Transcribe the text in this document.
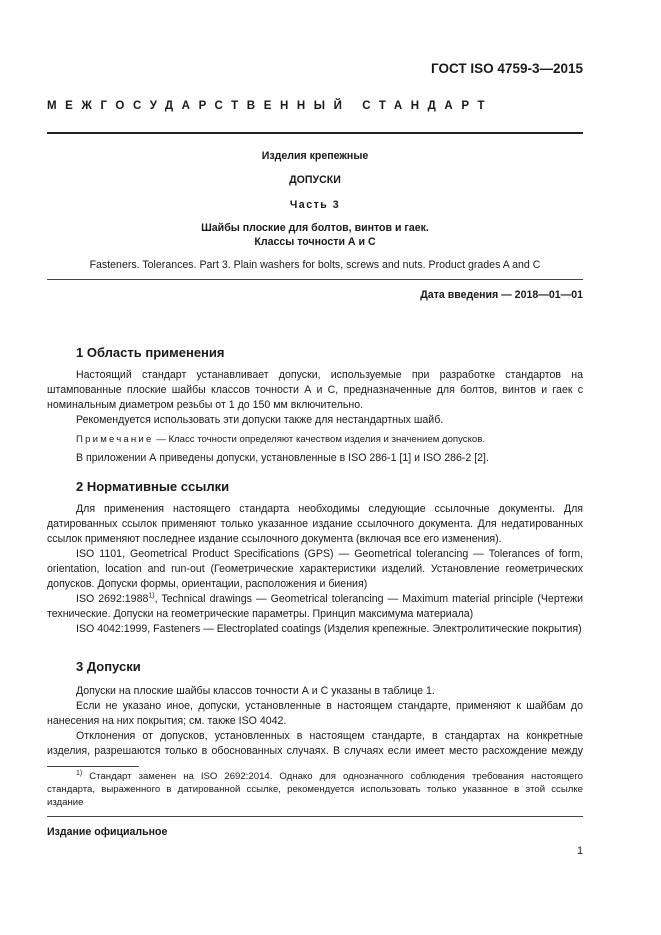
ГОСТ ISO 4759-3—2015
МЕЖГОСУДАРСТВЕННЫЙ СТАНДАРТ
Изделия крепежные
ДОПУСКИ
Часть 3
Шайбы плоские для болтов, винтов и гаек.
Классы точности А и С
Fasteners. Tolerances. Part 3. Plain washers for bolts, screws and nuts. Product grades A and C
Дата введения — 2018—01—01
1 Область применения

Настоящий стандарт устанавливает допуски, используемые при разработке стандартов на штампованные плоские шайбы классов точности А и С, предназначенные для болтов, винтов и гаек с номинальным диаметром резьбы от 1 до 150 мм включительно.

Рекомендуется использовать эти допуски также для нестандартных шайб.

Примечание — Класс точности определяют качеством изделия и значением допусков.

В приложении А приведены допуски, установленные в ISO 286-1 [1] и ISO 286-2 [2].

2 Нормативные ссылки

Для применения настоящего стандарта необходимы следующие ссылочные документы. Для датированных ссылок применяют только указанное издание ссылочного документа. Для недатированных ссылок применяют последнее издание ссылочного документа (включая все его изменения).

ISO 1101, Geometrical Product Specifications (GPS) — Geometrical tolerancing — Tolerances of form, orientation, location and run-out (Геометрические характеристики изделий. Установление геометрических допусков. Допуски формы, ориентации, расположения и биения)

ISO 2692:1988$^{1)}$, Technical drawings — Geometrical tolerancing — Maximum material principle (Чертежи технические. Допуски на геометрические параметры. Принцип максимума материала)

ISO 4042:1999, Fasteners — Electroplated coatings (Изделия крепежные. Электролитические покрытия)

3 Допуски

Допуски на плоские шайбы классов точности А и С указаны в таблице 1.

Если не указано иное, допуски, установленные в настоящем стандарте, применяют к шайбам до нанесения на них покрытия; см. также ISO 4042.

Отклонения от допусков, установленных в настоящем стандарте, в стандартах на конкретные изделия, разрешаются только в обоснованных случаях. В случаях если имеет место расхождение между

$^{1)}$ Стандарт заменен на ISO 2692:2014. Однако для однозначного соблюдения требования настоящего стандарта, выраженного в датированной ссылке, рекомендуется использовать только указанное в этой ссылке издание

Издание официальное
1
